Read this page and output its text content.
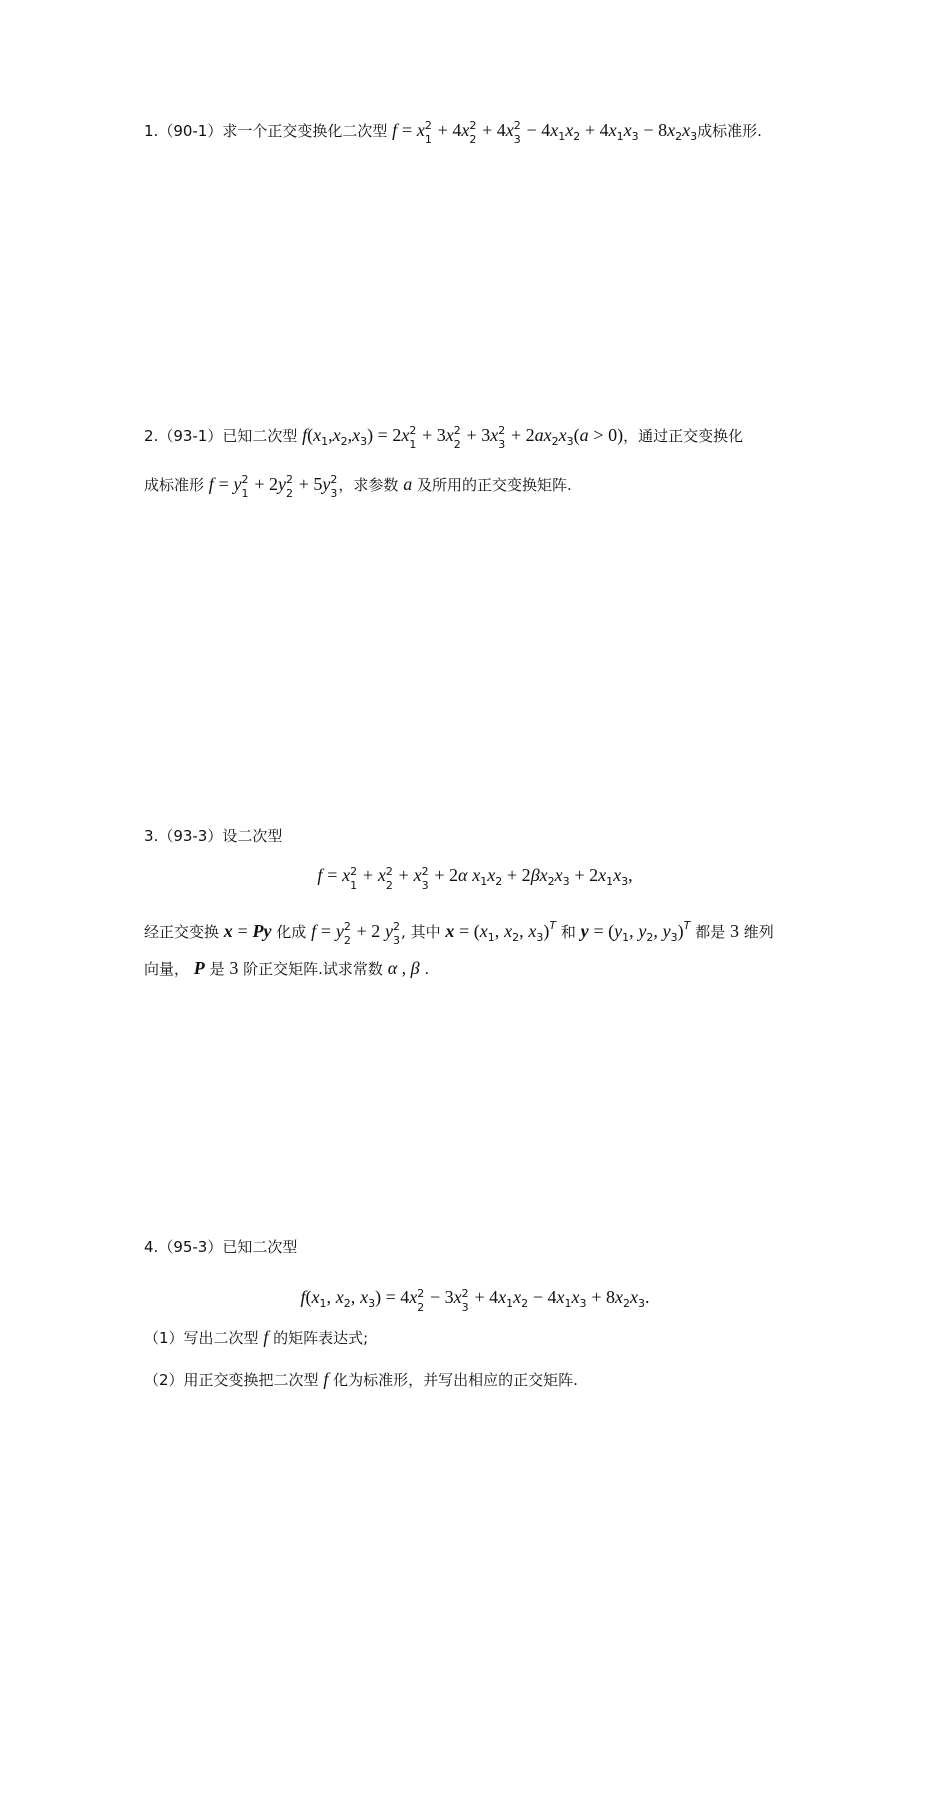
1.（90-1）求一个正交变换化二次型 f = x 1
2 + 4x 2
2 + 4x 3
$2 - 4x_1x_2 + 4x_1x_3 - 8x_2x_3$成标准形.
2.（93-1）已知二次型 $f(x_1,x_2,x_3) = 2x$ 1
2 + 3x 2
2 + 3x 3
$2 + 2ax_2x_3(a > 0)$，通过正交变换化
成标准形 f = y 1
2 + 2y 2
2 + 5y 3
2 ，求参数 a 及所用的正交变换矩阵.
3.（93-3）设二次型
f = x
1
2 + x
2
2 + x
3
2 + 2α $x_1x_2 + 2\beta x_2x_3 + 2x_1x_3$,
经正交变换 x = Py 化成 f = y 2
2 + 2 y 3
2 , 其中 $x = (x_1$, $x_2$, $x_3)^T$ 和 $y = (y_1$, $y_2$, $y_3)^T$ 都是 3 维列
向量， P 是 3 阶正交矩阵.试求常数 α , β .
4.（95-3）已知二次型
$f(x_1$, $x_2$, $x_3) = 4x$
2
2 − 3x
3
$2 + 4x_1x_2 - 4x_1x_3 + 8x_2x_3$.
（1）写出二次型 f 的矩阵表达式;
（2）用正交变换把二次型 f 化为标准形，并写出相应的正交矩阵.
